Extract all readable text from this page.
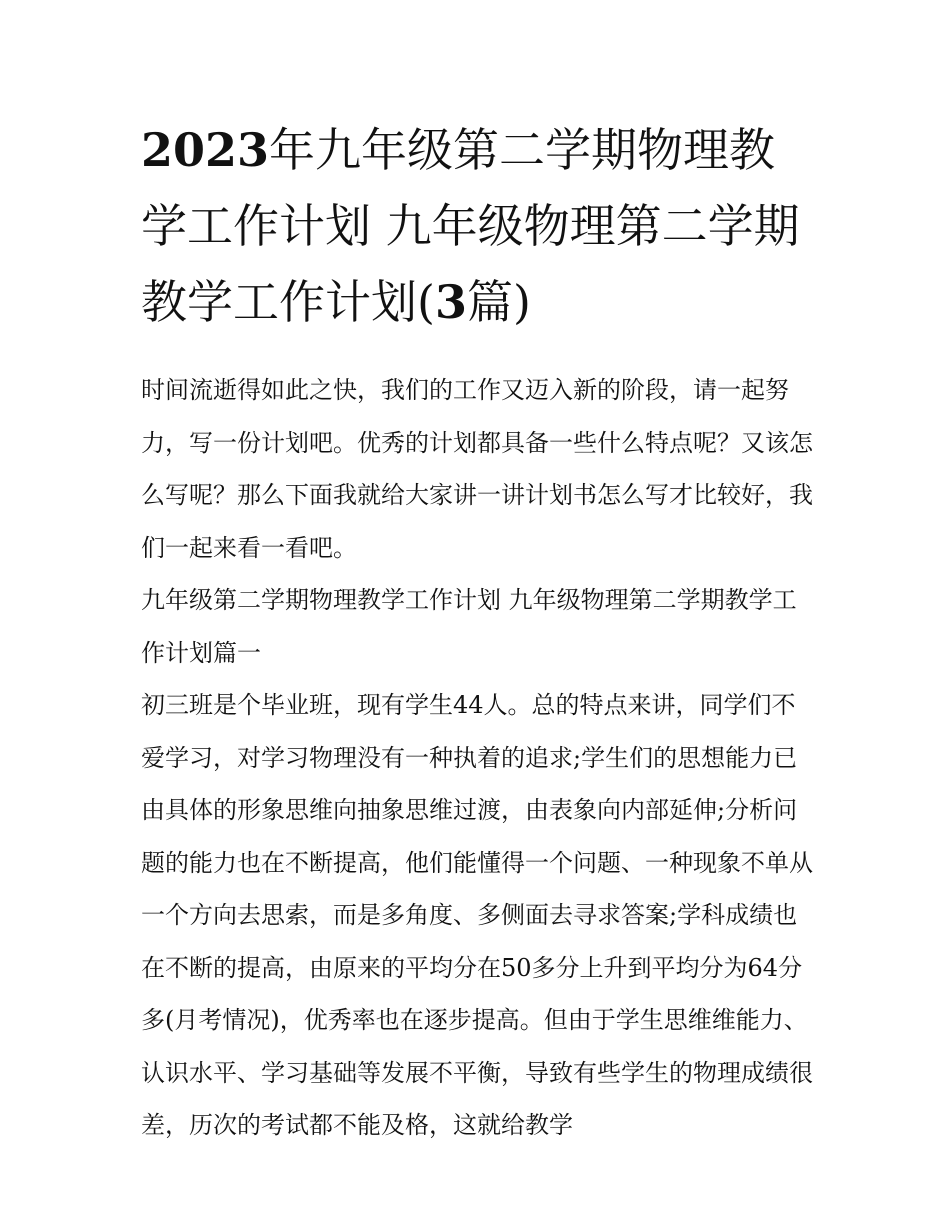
2023年九年级第二学期物理教学工作计划 九年级物理第二学期教学工作计划(3篇)

时间流逝得如此之快，我们的工作又迈入新的阶段，请一起努力，写一份计划吧。优秀的计划都具备一些什么特点呢？又该怎么写呢？那么下面我就给大家讲一讲计划书怎么写才比较好，我们一起来看一看吧。

九年级第二学期物理教学工作计划 九年级物理第二学期教学工作计划篇一

初三班是个毕业班，现有学生44人。总的特点来讲，同学们不爱学习，对学习物理没有一种执着的追求;学生们的思想能力已由具体的形象思维向抽象思维过渡，由表象向内部延伸;分析问题的能力也在不断提高，他们能懂得一个问题、一种现象不单从一个方向去思索，而是多角度、多侧面去寻求答案;学科成绩也在不断的提高，由原来的平均分在50多分上升到平均分为64分多(月考情况)，优秀率也在逐步提高。但由于学生思维维能力、认识水平、学习基础等发展不平衡，导致有些学生的物理成绩很差，历次的考试都不能及格，这就给教学
